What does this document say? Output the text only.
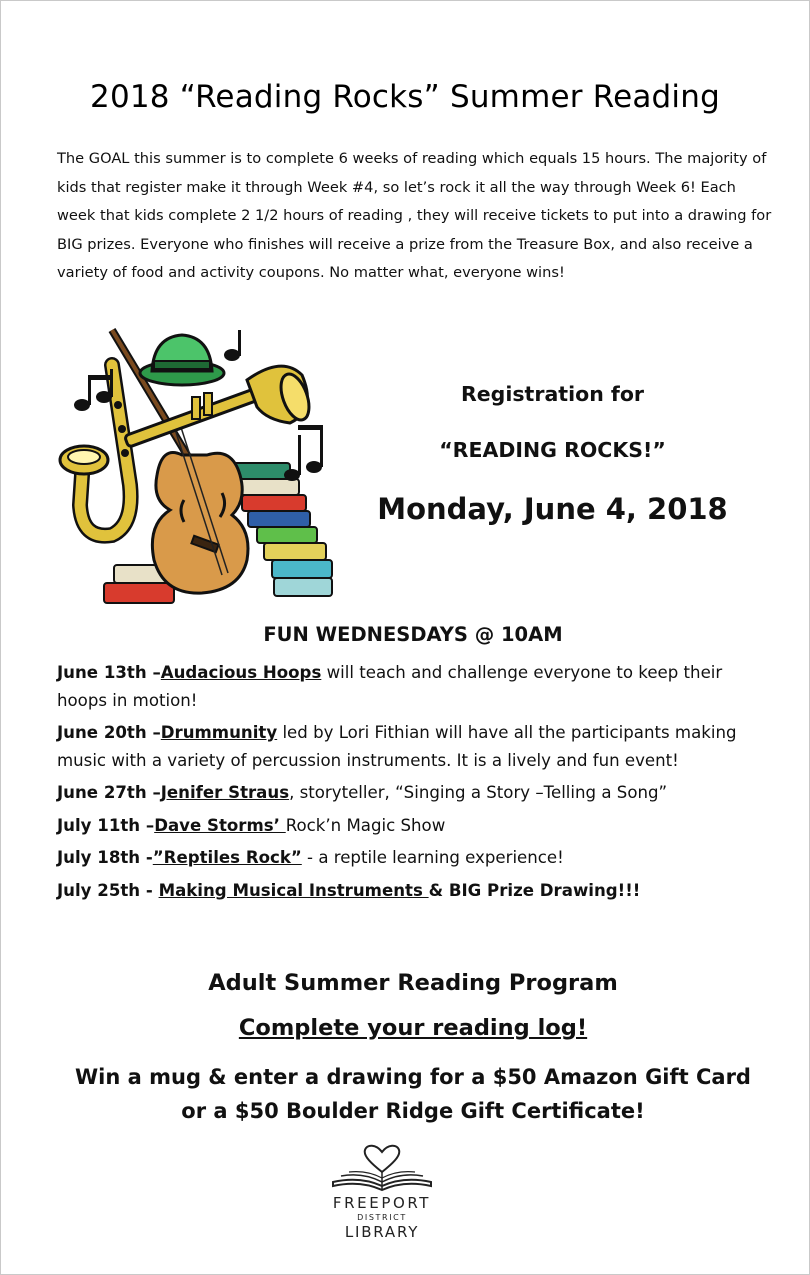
2018 “Reading Rocks” Summer Reading

The GOAL this summer is to complete 6 weeks of reading which equals 15 hours. The majority of kids that register make it through Week #4, so let’s rock it all the way through Week 6! Each week that kids complete 2 1/2 hours of reading , they will receive tickets to put into a drawing for BIG prizes. Everyone who finishes will receive a prize from the Treasure Box, and also receive a variety of food and activity coupons. No matter what, everyone wins!

Registration for
“READING ROCKS!”
Monday, June 4, 2018
FUN WEDNESDAYS @ 10AM
June 13th –Audacious Hoops will teach and challenge everyone to keep their hoops in motion!
June 20th –Drummunity led by Lori Fithian will have all the participants making music with a variety of percussion instruments. It is a lively and fun event!
June 27th –Jenifer Straus, storyteller, “Singing a Story –Telling a Song”
July 11th –Dave Storms’ Rock’n Magic Show
July 18th -”Reptiles Rock” - a reptile learning experience!
July 25th - Making Musical Instruments & BIG Prize Drawing!!!
Adult Summer Reading Program
Complete your reading log!
Win a mug & enter a drawing for a $50 Amazon Gift Card
or a $50 Boulder Ridge Gift Certificate!
FREEPORT
DISTRICT
LIBRARY
